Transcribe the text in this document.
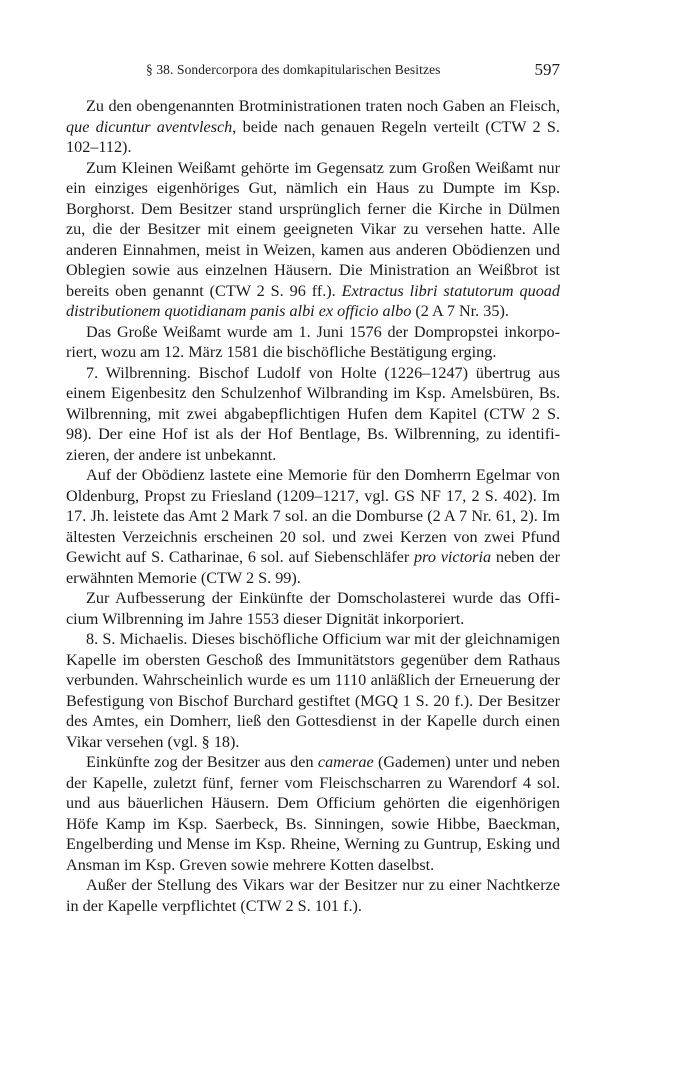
§ 38. Sondercorpora des domkapitularischen Besitzes	597

Zu den obengenannten Brotministrationen traten noch Gaben an Fleisch, que dicuntur aventvlesch, beide nach genauen Regeln verteilt (CTW 2 S. 102–112).

Zum Kleinen Weißamt gehörte im Gegensatz zum Großen Weißamt nur ein einziges eigenhöriges Gut, nämlich ein Haus zu Dumpte im Ksp. Borghorst. Dem Besitzer stand ursprünglich ferner die Kirche in Dülmen zu, die der Besitzer mit einem geeigneten Vikar zu versehen hatte. Alle anderen Einnahmen, meist in Weizen, kamen aus anderen Obödienzen und Oblegien sowie aus einzelnen Häusern. Die Ministration an Weißbrot ist bereits oben genannt (CTW 2 S. 96 ff.). Extractus libri statutorum quoad distributionem quotidianam panis albi ex officio albo (2 A 7 Nr. 35).

Das Große Weißamt wurde am 1. Juni 1576 der Dompropstei inkorporiert, wozu am 12. März 1581 die bischöfliche Bestätigung erging.

7. Wilbrenning. Bischof Ludolf von Holte (1226–1247) übertrug aus einem Eigenbesitz den Schulzenhof Wilbranding im Ksp. Amelsbüren, Bs. Wilbrenning, mit zwei abgabepflichtigen Hufen dem Kapitel (CTW 2 S. 98). Der eine Hof ist als der Hof Bentlage, Bs. Wilbrenning, zu identifizieren, der andere ist unbekannt.

Auf der Obödienz lastete eine Memorie für den Domherrn Egelmar von Oldenburg, Propst zu Friesland (1209–1217, vgl. GS NF 17, 2 S. 402). Im 17. Jh. leistete das Amt 2 Mark 7 sol. an die Domburse (2 A 7 Nr. 61, 2). Im ältesten Verzeichnis erscheinen 20 sol. und zwei Kerzen von zwei Pfund Gewicht auf S. Catharinae, 6 sol. auf Siebenschläfer pro victoria neben der erwähnten Memorie (CTW 2 S. 99).

Zur Aufbesserung der Einkünfte der Domscholasterei wurde das Officium Wilbrenning im Jahre 1553 dieser Dignität inkorporiert.

8. S. Michaelis. Dieses bischöfliche Officium war mit der gleichnamigen Kapelle im obersten Geschoß des Immunitätstors gegenüber dem Rathaus verbunden. Wahrscheinlich wurde es um 1110 anläßlich der Erneuerung der Befestigung von Bischof Burchard gestiftet (MGQ 1 S. 20 f.). Der Besitzer des Amtes, ein Domherr, ließ den Gottesdienst in der Kapelle durch einen Vikar versehen (vgl. § 18).

Einkünfte zog der Besitzer aus den camerae (Gademen) unter und neben der Kapelle, zuletzt fünf, ferner vom Fleischscharren zu Warendorf 4 sol. und aus bäuerlichen Häusern. Dem Officium gehörten die eigenhörigen Höfe Kamp im Ksp. Saerbeck, Bs. Sinningen, sowie Hibbe, Baeckman, Engelberding und Mense im Ksp. Rheine, Werning zu Guntrup, Esking und Ansman im Ksp. Greven sowie mehrere Kotten daselbst.

Außer der Stellung des Vikars war der Besitzer nur zu einer Nachtkerze in der Kapelle verpflichtet (CTW 2 S. 101 f.).
